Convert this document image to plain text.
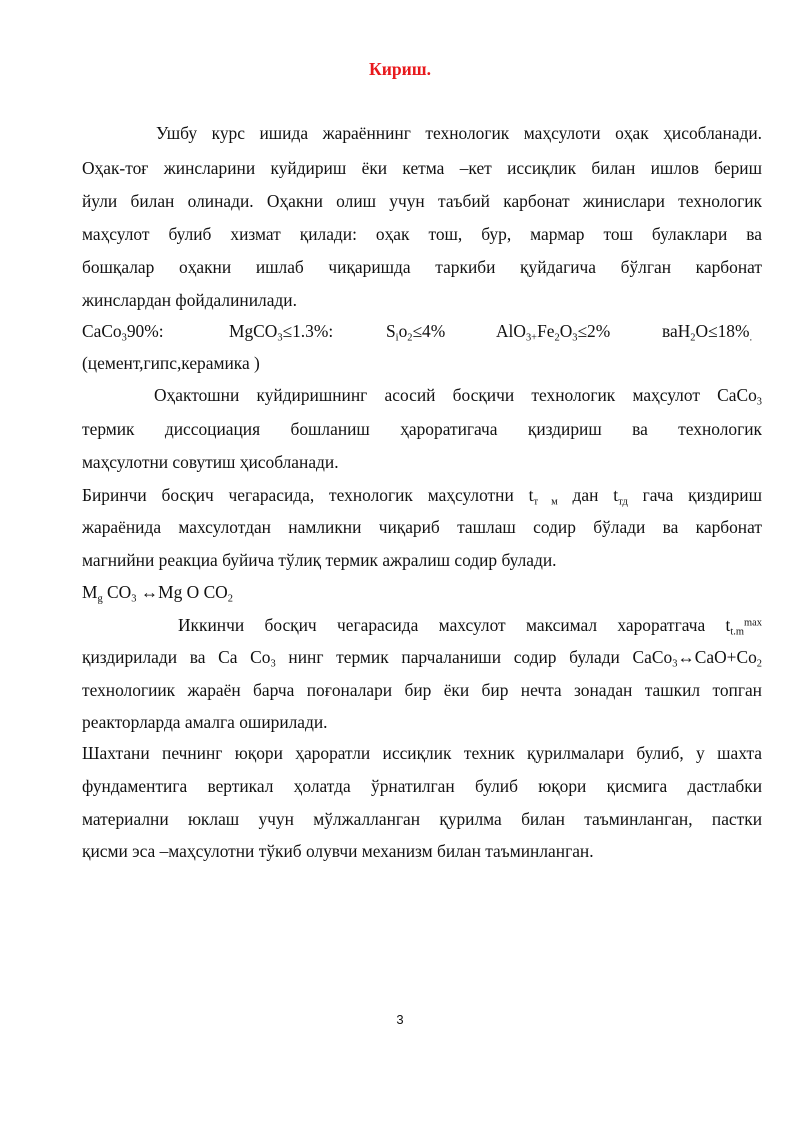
Кириш.
Ушбу курс ишида жараённинг технологик маҳсулоти оҳак ҳисобланади.
Оҳак-тоғ жинсларини куйдириш ёки кетма –кет иссиқлик билан ишлов бериш
йули билан олинади. Оҳакни олиш учун таъбий карбонат жинислари технологик
маҳсулот булиб хизмат қилади: оҳак тош, бур, мармар тош булаклари ва
бошқалар оҳакни ишлаб чиқаришда таркиби қуйдагича бўлган карбонат
жинслардан фойдалинилади.
CaCo$_3$90%:	MgCO$_3$≤1.3%:	$S_io_2\le 4\%$	$AlO_{3+}Fe_2O_3\le 2\%$	$ваH_2O\le 18\%_.$
(цемент,гипс,керамика )
Оҳактошни куйдиришнинг асосий босқичи технологик маҳсулот CaCo$_3$
термик диссоциация бошланиш ҳароратигача қиздириш ва технологик
маҳсулотни совутиш ҳисобланади.
Биринчи босқич чегарасида, технологик маҳсулотни $t_{т м}$ дан $t_{тд}$ гача қиздириш
жараёнида махсулотдан намликни чиқариб ташлаш содир бўлади ва карбонат
магнийни реакциа буйича тўлиқ термик ажралиш содир булади.
$M_g$ $CO_3$ ↔Mg O $CO_2$
Иккинчи босқич чегарасида махсулот максимал хароратгача $t_{t.m}^{max}$
қиздирилади ва Ca $Co_3$ нинг термик парчаланиши содир булади $CaCo_3\leftrightarrow CaO+Co_2$
технологиик жараён барча поғоналари бир ёки бир нечта зонадан ташкил топган
реакторларда амалга оширилади.
Шахтани печнинг юқори ҳароратли иссиқлик техник қурилмалари булиб, у шахта
фундаментига вертикал ҳолатда ўрнатилган булиб юқори қисмига дастлабки
материални юклаш учун мўлжалланган қурилма билан таъминланган, пастки
қисми эса –маҳсулотни тўкиб олувчи механизм билан таъминланган.
3
